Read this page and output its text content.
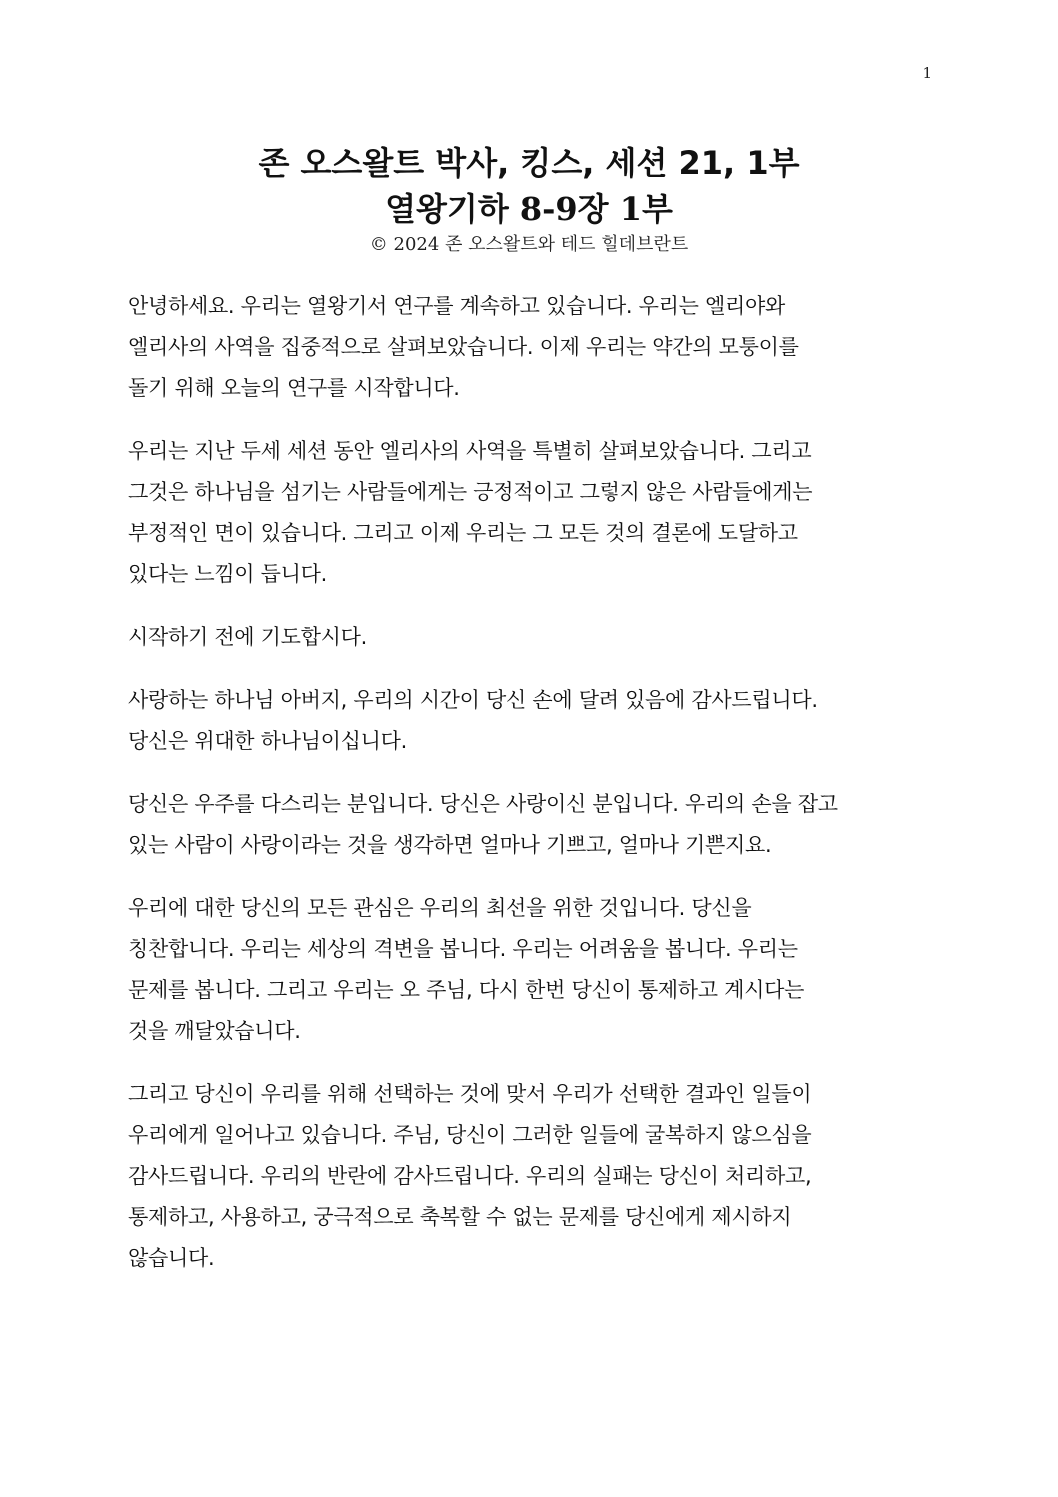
1
존 오스왈트 박사, 킹스, 세션 21, 1부
열왕기하 8-9장 1부
© 2024 존 오스왈트와 테드 힐데브란트
안녕하세요. 우리는 열왕기서 연구를 계속하고 있습니다. 우리는 엘리야와
엘리사의 사역을 집중적으로 살펴보았습니다. 이제 우리는 약간의 모퉁이를
돌기 위해 오늘의 연구를 시작합니다.
우리는 지난 두세 세션 동안 엘리사의 사역을 특별히 살펴보았습니다. 그리고
그것은 하나님을 섬기는 사람들에게는 긍정적이고 그렇지 않은 사람들에게는
부정적인 면이 있습니다. 그리고 이제 우리는 그 모든 것의 결론에 도달하고
있다는 느낌이 듭니다.
시작하기 전에 기도합시다.
사랑하는 하나님 아버지, 우리의 시간이 당신 손에 달려 있음에 감사드립니다.
당신은 위대한 하나님이십니다.
당신은 우주를 다스리는 분입니다. 당신은 사랑이신 분입니다. 우리의 손을 잡고
있는 사람이 사랑이라는 것을 생각하면 얼마나 기쁘고, 얼마나 기쁜지요.
우리에 대한 당신의 모든 관심은 우리의 최선을 위한 것입니다. 당신을
칭찬합니다. 우리는 세상의 격변을 봅니다. 우리는 어려움을 봅니다. 우리는
문제를 봅니다. 그리고 우리는 오 주님, 다시 한번 당신이 통제하고 계시다는
것을 깨달았습니다.
그리고 당신이 우리를 위해 선택하는 것에 맞서 우리가 선택한 결과인 일들이
우리에게 일어나고 있습니다. 주님, 당신이 그러한 일들에 굴복하지 않으심을
감사드립니다. 우리의 반란에 감사드립니다. 우리의 실패는 당신이 처리하고,
통제하고, 사용하고, 궁극적으로 축복할 수 없는 문제를 당신에게 제시하지
않습니다.
